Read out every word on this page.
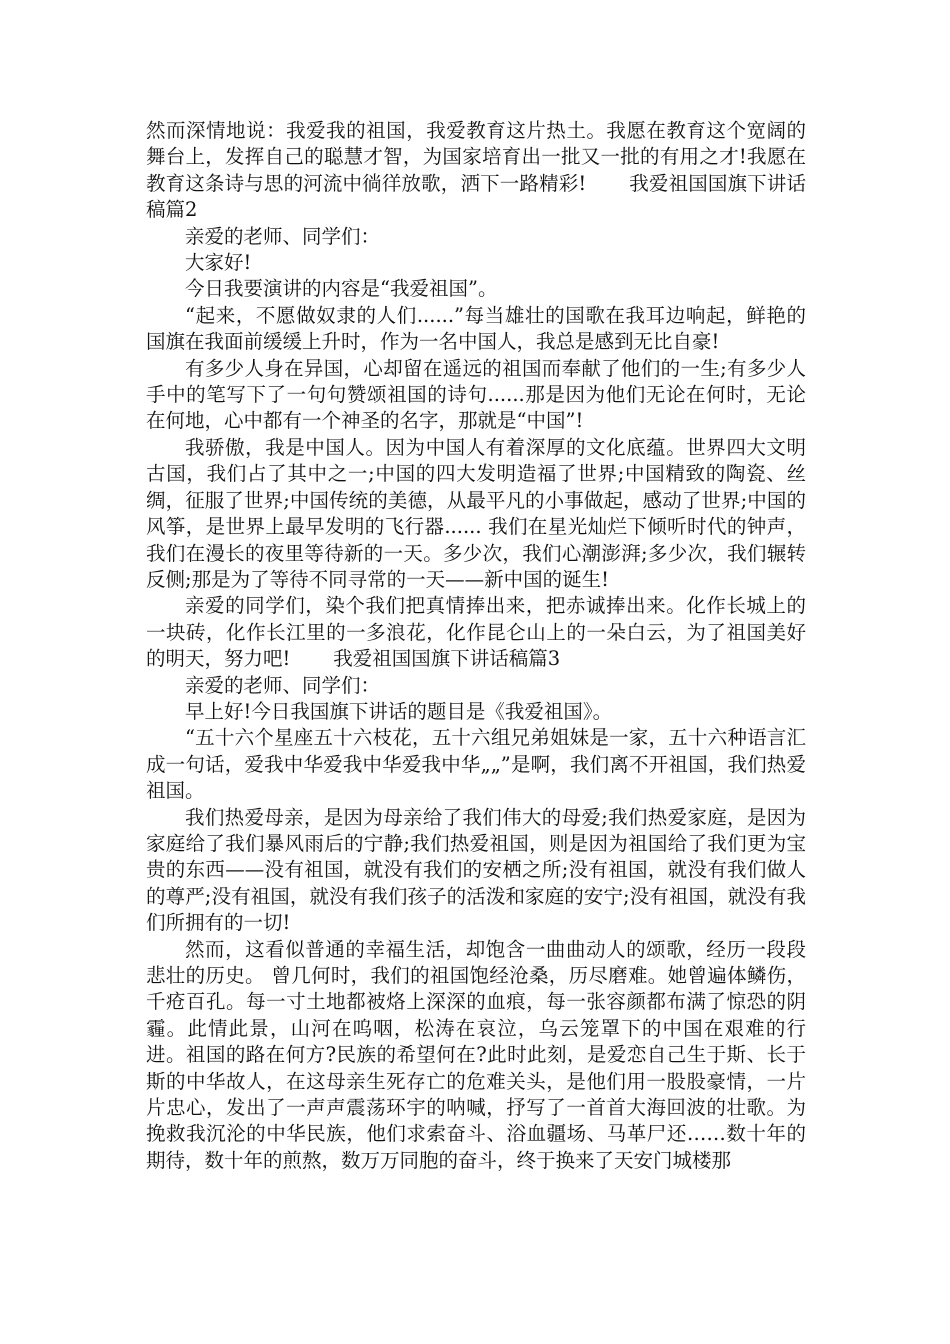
然而深情地说：我爱我的祖国，我爱教育这片热土。我愿在教育这个宽阔的舞台上，发挥自己的聪慧才智，为国家培育出一批又一批的有用之才!我愿在教育这条诗与思的河流中徜徉放歌，洒下一路精彩! 我爱祖国国旗下讲话稿篇2

亲爱的老师、同学们：

大家好!

今日我要演讲的内容是“我爱祖国”。

“起来，不愿做奴隶的人们......”每当雄壮的国歌在我耳边响起，鲜艳的国旗在我面前缓缓上升时，作为一名中国人，我总是感到无比自豪!

有多少人身在异国，心却留在遥远的祖国而奉献了他们的一生;有多少人手中的笔写下了一句句赞颂祖国的诗句......那是因为他们无论在何时，无论在何地，心中都有一个神圣的名字，那就是“中国”!

我骄傲，我是中国人。因为中国人有着深厚的文化底蕴。世界四大文明古国，我们占了其中之一;中国的四大发明造福了世界;中国精致的陶瓷、丝绸，征服了世界;中国传统的美德，从最平凡的小事做起，感动了世界;中国的风筝，是世界上最早发明的飞行器...... 我们在星光灿烂下倾听时代的钟声，我们在漫长的夜里等待新的一天。多少次，我们心潮澎湃;多少次，我们辗转反侧;那是为了等待不同寻常的一天——新中国的诞生!

亲爱的同学们，染个我们把真情捧出来，把赤诚捧出来。化作长城上的一块砖，化作长江里的一多浪花，化作昆仑山上的一朵白云，为了祖国美好的明天，努力吧! 我爱祖国国旗下讲话稿篇3

亲爱的老师、同学们：

早上好!今日我国旗下讲话的题目是《我爱祖国》。

“五十六个星座五十六枝花，五十六组兄弟姐妹是一家，五十六种语言汇成一句话，爱我中华爱我中华爱我中华„„”是啊，我们离不开祖国，我们热爱祖国。

我们热爱母亲，是因为母亲给了我们伟大的母爱;我们热爱家庭，是因为家庭给了我们暴风雨后的宁静;我们热爱祖国，则是因为祖国给了我们更为宝贵的东西——没有祖国，就没有我们的安栖之所;没有祖国，就没有我们做人的尊严;没有祖国，就没有我们孩子的活泼和家庭的安宁;没有祖国，就没有我们所拥有的一切!

然而，这看似普通的幸福生活，却饱含一曲曲动人的颂歌，经历一段段悲壮的历史。 曾几何时，我们的祖国饱经沧桑，历尽磨难。她曾遍体鳞伤，千疮百孔。每一寸土地都被烙上深深的血痕，每一张容颜都布满了惊恐的阴霾。此情此景，山河在呜咽，松涛在哀泣，乌云笼罩下的中国在艰难的行进。祖国的路在何方?民族的希望何在?此时此刻，是爱恋自己生于斯、长于斯的中华故人，在这母亲生死存亡的危难关头，是他们用一股股豪情，一片片忠心，发出了一声声震荡环宇的呐喊，抒写了一首首大海回波的壮歌。为挽救我沉沦的中华民族，他们求索奋斗、浴血疆场、马革尸还……数十年的期待，数十年的煎熬，数万万同胞的奋斗，终于换来了天安门城楼那
